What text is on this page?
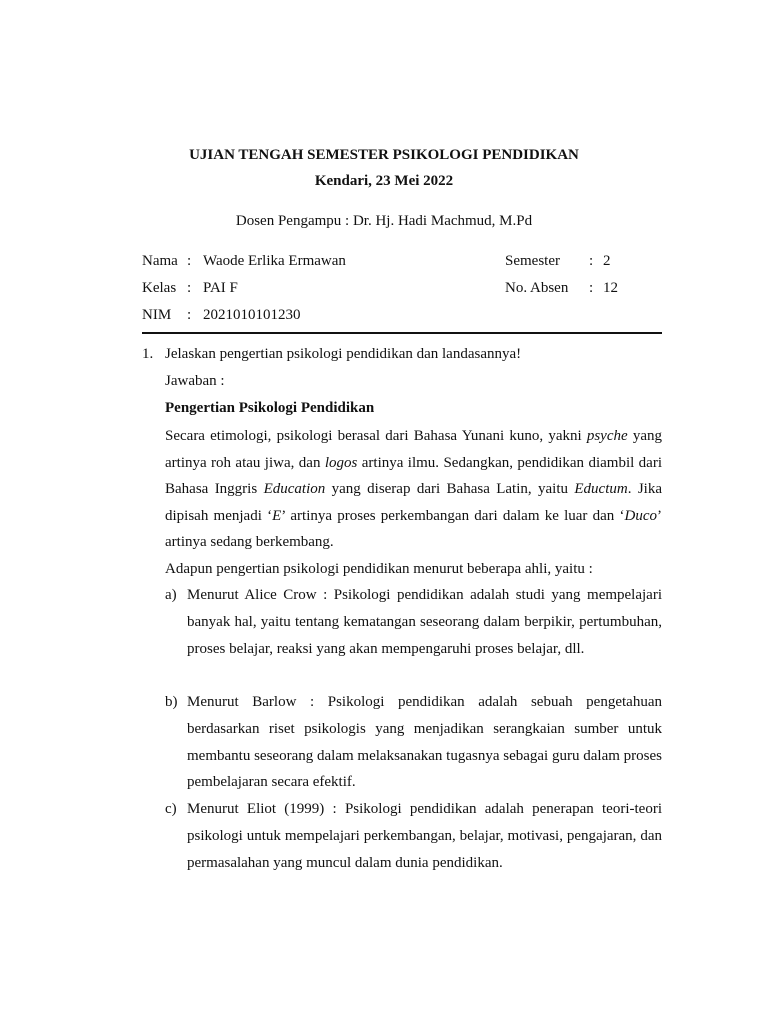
UJIAN TENGAH SEMESTER PSIKOLOGI PENDIDIKAN
Kendari, 23 Mei 2022
Dosen Pengampu : Dr. Hj. Hadi Machmud, M.Pd
Nama : Waode Erlika Ermawan
Kelas : PAI F
NIM : 2021010101230
Semester : 2
No. Absen : 12
1. Jelaskan pengertian psikologi pendidikan dan landasannya!
Jawaban :
Pengertian Psikologi Pendidikan
Secara etimologi, psikologi berasal dari Bahasa Yunani kuno, yakni psyche yang artinya roh atau jiwa, dan logos artinya ilmu. Sedangkan, pendidikan diambil dari Bahasa Inggris Education yang diserap dari Bahasa Latin, yaitu Eductum. Jika dipisah menjadi ‘E’ artinya proses perkembangan dari dalam ke luar dan ‘Duco’ artinya sedang berkembang.
Adapun pengertian psikologi pendidikan menurut beberapa ahli, yaitu :
a) Menurut Alice Crow : Psikologi pendidikan adalah studi yang mempelajari banyak hal, yaitu tentang kematangan seseorang dalam berpikir, pertumbuhan, proses belajar, reaksi yang akan mempengaruhi proses belajar, dll.
b) Menurut Barlow : Psikologi pendidikan adalah sebuah pengetahuan berdasarkan riset psikologis yang menjadikan serangkaian sumber untuk membantu seseorang dalam melaksanakan tugasnya sebagai guru dalam proses pembelajaran secara efektif.
c) Menurut Eliot (1999) : Psikologi pendidikan adalah penerapan teori-teori psikologi untuk mempelajari perkembangan, belajar, motivasi, pengajaran, dan permasalahan yang muncul dalam dunia pendidikan.
